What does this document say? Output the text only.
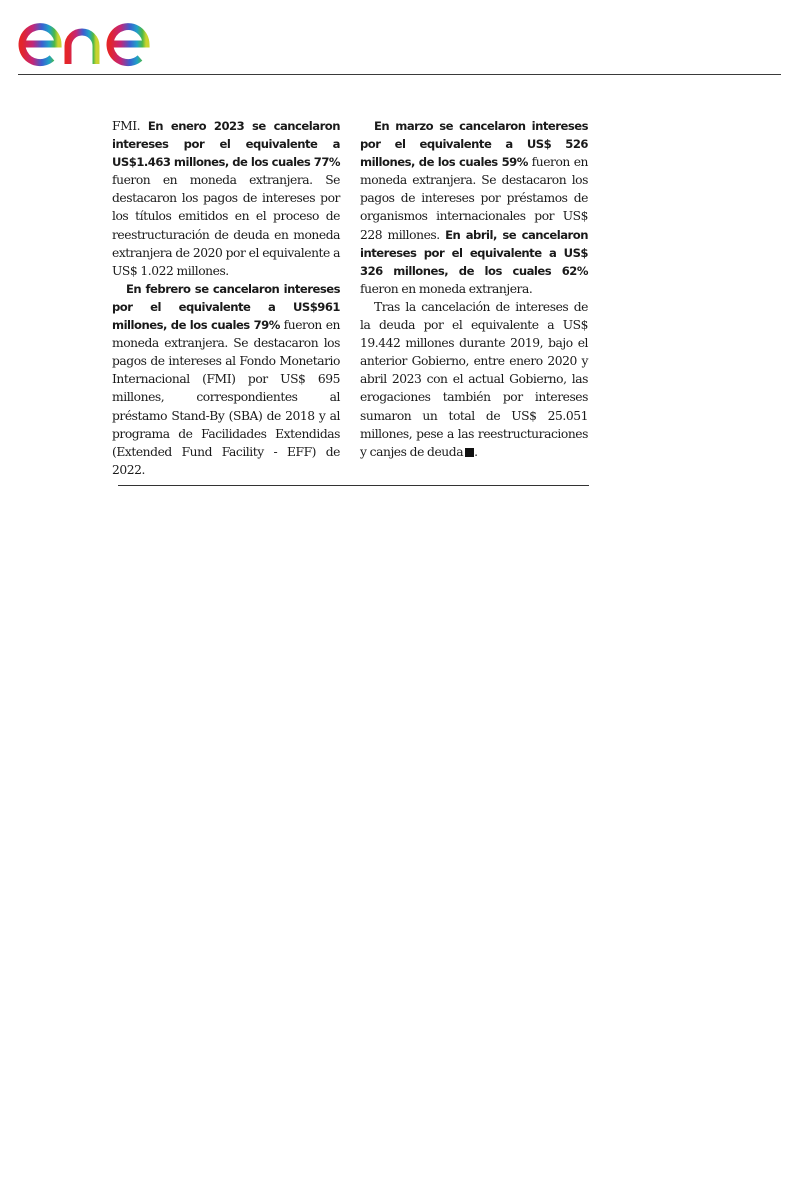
FMI. En enero 2023 se cancelaron intereses por el equivalente a US$1.463 millones, de los cuales 77% fueron en moneda extranjera. Se destacaron los pagos de intereses por los títulos emitidos en el proceso de reestructuración de deuda en moneda extranjera de 2020 por el equivalente a US$ 1.022 millones.

En febrero se cancelaron intereses por el equivalente a US$961 millones, de los cuales 79% fueron en moneda extranjera. Se destacaron los pagos de intereses al Fondo Monetario Internacional (FMI) por US$ 695 millones, correspondientes al préstamo Stand-By (SBA) de 2018 y al programa de Facilidades Extendidas (Extended Fund Facility - EFF) de 2022.

En marzo se cancelaron intereses por el equivalente a US$ 526 millones, de los cuales 59% fueron en moneda extranjera. Se destacaron los pagos de intereses por préstamos de organismos internacionales por US$ 228 millones. En abril, se cancelaron intereses por el equivalente a US$ 326 millones, de los cuales 62% fueron en moneda extranjera.

Tras la cancelación de intereses de la deuda por el equivalente a US$ 19.442 millones durante 2019, bajo el anterior Gobierno, entre enero 2020 y abril 2023 con el actual Gobierno, las erogaciones también por intereses sumaron un total de US$ 25.051 millones, pese a las reestructuraciones y canjes de deuda .
